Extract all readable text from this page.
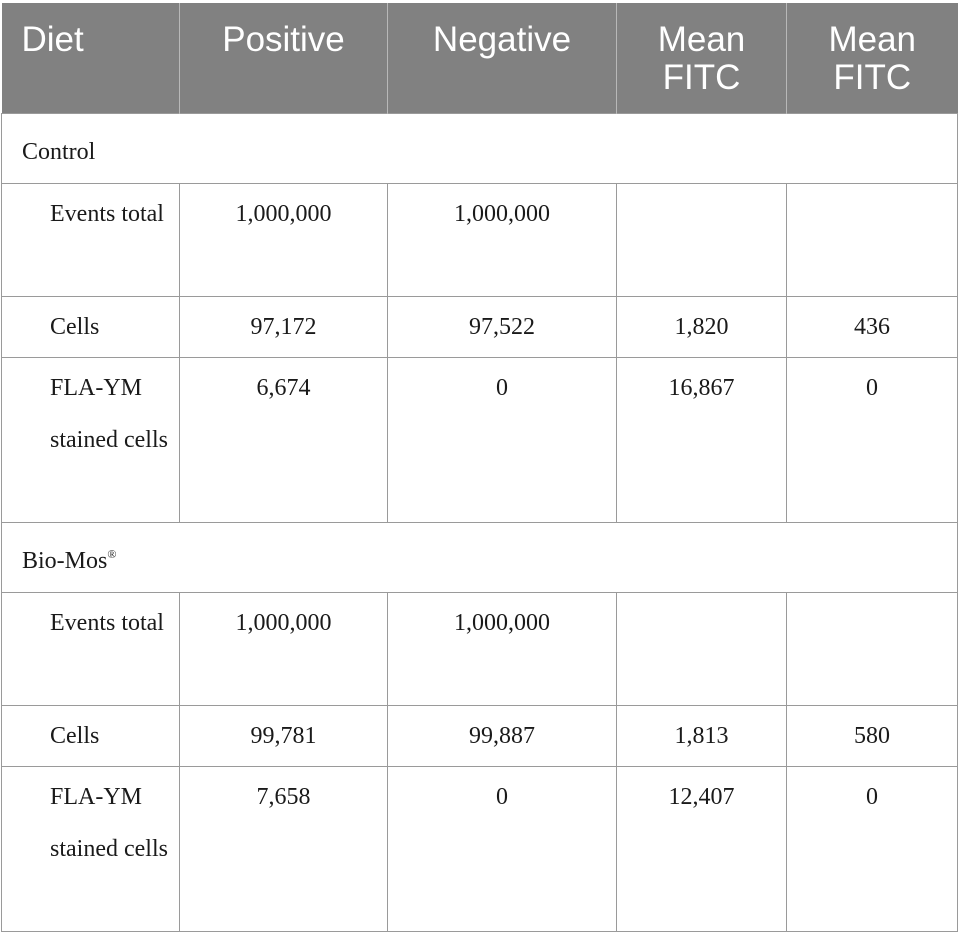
Diet	Positive	Negative	Mean FITC	Mean FITC
Control				
Events total	1,000,000	1,000,000		
Cells	97,172	97,522	1,820	436
FLA-YM stained cells	6,674	0	16,867	0
Bio-Mos®
Events total	1,000,000	1,000,000		
Cells	99,781	99,887	1,813	580
FLA-YM stained cells	7,658	0	12,407	0
